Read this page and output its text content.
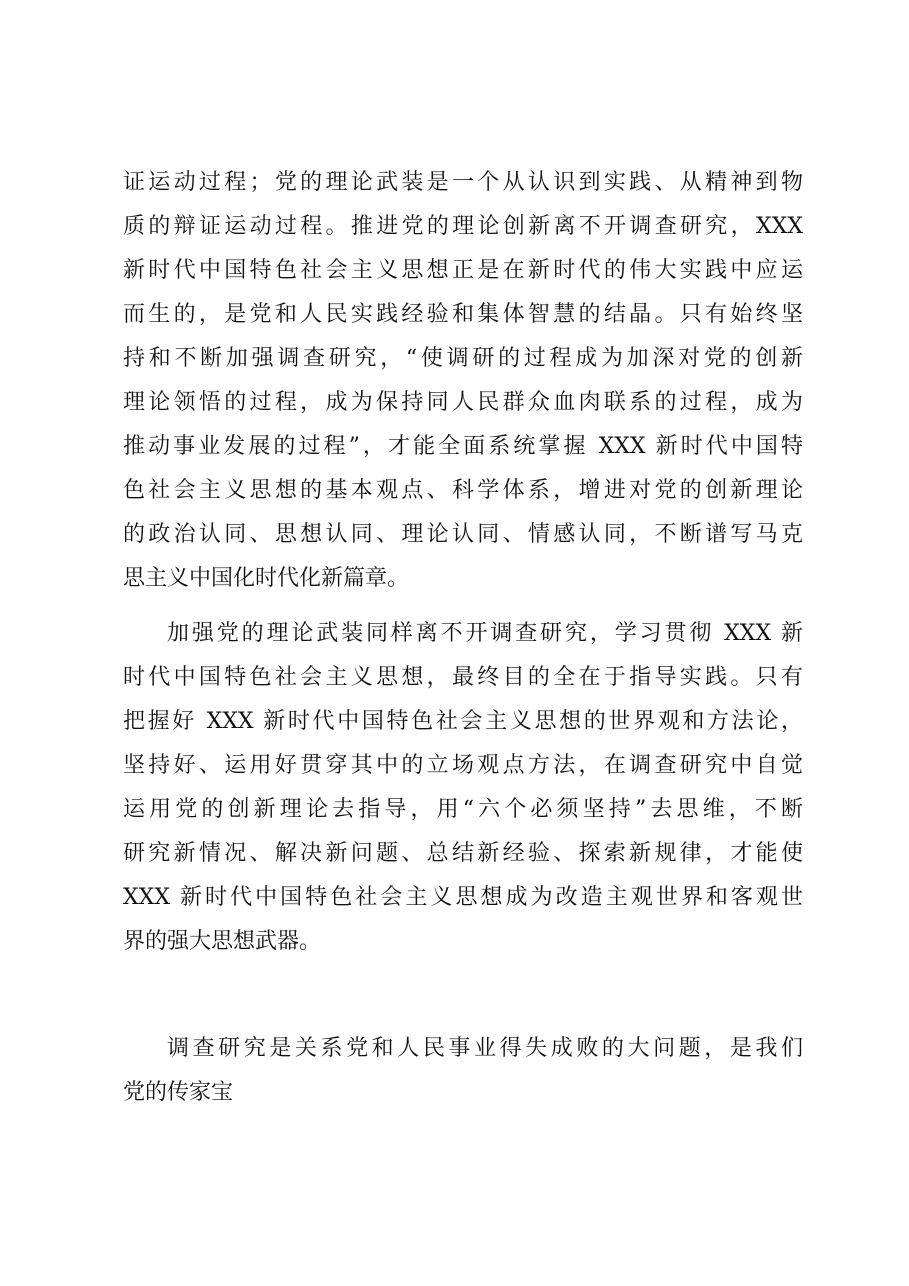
证运动过程；党的理论武装是一个从认识到实践、从精神到物
质的辩证运动过程。推进党的理论创新离不开调查研究，XXX
新时代中国特色社会主义思想正是在新时代的伟大实践中应运
而生的，是党和人民实践经验和集体智慧的结晶。只有始终坚
持和不断加强调查研究，“使调研的过程成为加深对党的创新
理论领悟的过程，成为保持同人民群众血肉联系的过程，成为
推动事业发展的过程”，才能全面系统掌握 XXX 新时代中国特
色社会主义思想的基本观点、科学体系，增进对党的创新理论
的政治认同、思想认同、理论认同、情感认同，不断谱写马克
思主义中国化时代化新篇章。
加强党的理论武装同样离不开调查研究，学习贯彻 XXX 新
时代中国特色社会主义思想，最终目的全在于指导实践。只有
把握好 XXX 新时代中国特色社会主义思想的世界观和方法论，
坚持好、运用好贯穿其中的立场观点方法，在调查研究中自觉
运用党的创新理论去指导，用“六个必须坚持”去思维，不断
研究新情况、解决新问题、总结新经验、探索新规律，才能使
XXX 新时代中国特色社会主义思想成为改造主观世界和客观世
界的强大思想武器。
调查研究是关系党和人民事业得失成败的大问题，是我们
党的传家宝
